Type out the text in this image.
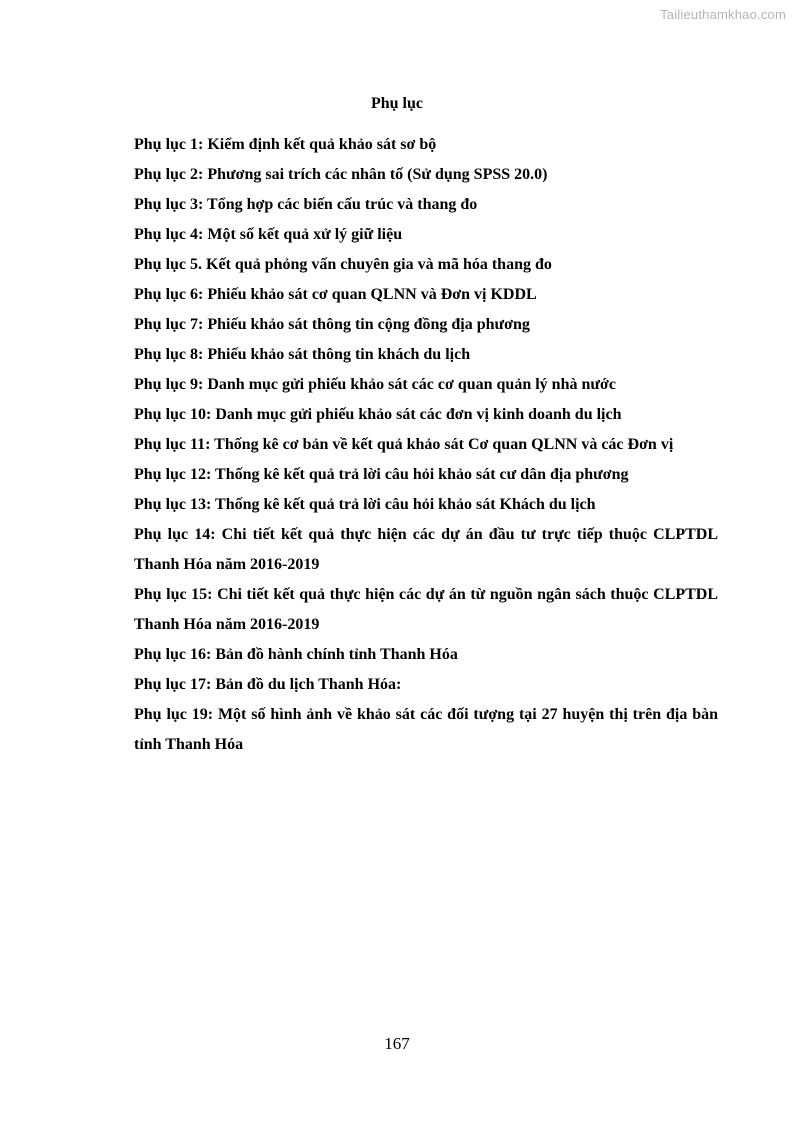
Tailieuthamkhao.com
Phụ lục
Phụ lục 1: Kiểm định kết quả khảo sát sơ bộ
Phụ lục 2: Phương sai trích các nhân tố (Sử dụng SPSS 20.0)
Phụ lục 3: Tổng hợp các biến cấu trúc và thang đo
Phụ lục 4: Một số kết quả xử lý giữ liệu
Phụ lục 5. Kết quả phỏng vấn chuyên gia và mã hóa thang đo
Phụ lục 6: Phiếu khảo sát cơ quan QLNN và Đơn vị KDDL
Phụ lục 7: Phiếu khảo sát thông tin cộng đồng địa phương
Phụ lục 8: Phiếu khảo sát thông tin khách du lịch
Phụ lục 9: Danh mục gửi phiếu khảo sát các cơ quan quản lý nhà nước
Phụ lục 10: Danh mục gửi phiếu khảo sát các đơn vị kinh doanh du lịch
Phụ lục 11: Thống kê cơ bản về kết quả khảo sát Cơ quan QLNN và các Đơn vị
Phụ lục 12: Thống kê kết quả trả lời câu hỏi khảo sát cư dân địa phương
Phụ lục 13: Thống kê kết quả trả lời câu hỏi khảo sát Khách du lịch
Phụ lục 14: Chi tiết kết quả thực hiện các dự án đầu tư trực tiếp thuộc CLPTDL Thanh Hóa năm 2016-2019
Phụ lục 15: Chi tiết kết quả thực hiện các dự án từ nguồn ngân sách thuộc CLPTDL Thanh Hóa năm 2016-2019
Phụ lục 16: Bản đồ hành chính tỉnh Thanh Hóa
Phụ lục 17: Bản đồ du lịch Thanh Hóa:
Phụ lục 19: Một số hình ảnh về khảo sát các đối tượng tại 27 huyện thị trên địa bàn tỉnh Thanh Hóa
167
